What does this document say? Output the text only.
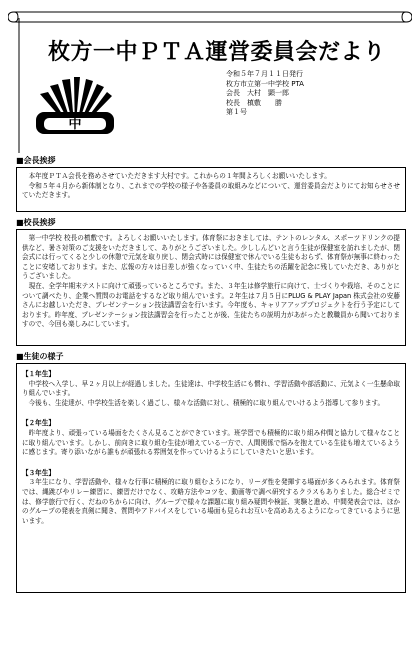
枚方一中ＰＴＡ運営委員会だより
中
令和５年７月１１日発行
枚方市立第一中学校 PTA
会長　大村　顕一郎
校長　槙敷　　勝
第１号
■会長挨拶

本年度ＰＴＡ会長を務めさせていただきます大村です。これからの１年間よろしくお願いいたします。

令和５年４月から新体制となり、これまでの学校の様子や各委員の取組みなどについて、運営委員会だよりにてお知らせさせていただきます。

■校長挨拶

第一中学校 校長の槙敷です。よろしくお願いいたします。体育祭におきましては、テントのレンタル、スポーツドリンクの提供など、暑さ対策のご支援をいただきまして、ありがとうございました。少ししんどいと言う生徒が保健室を訪れましたが、閉会式には行ってくると少しの休憩で元気を取り戻し、閉会式時には保健室で休んでいる生徒もおらず、体育祭が無事に終わったことに安堵しております。また、広報の方々は日差しが強くなっていく中、生徒たちの活躍を記念に残していただき、ありがとうございました。

現在、全学年期末テストに向けて頑張っているところです。また、３年生は修学旅行に向けて、士づくりや栽培、そのことについて調べたり、企業へ質問のお電話をするなど取り組んでいます。２年生は７月５日にPLUG & PLAY Japan 株式会社の安藤さんにお越しいただき、プレゼンテーション技法講習会を行います。今年度も、キャリアアッププロジェクトを行う予定にしております。昨年度、プレゼンテーション技法講習会を行ったことが後、生徒たちの説明力があがったと教職員から聞いておりますので、今回も楽しみにしています。

■生徒の様子
【１年生】

中学校へ入学し、早２ヶ月以上が経過しました。生徒達は、中学校生活にも慣れ、学習活動や部活動に、元気よく一生懸命取り組んでいます。

今後も、生徒達が、中学校生活を楽しく過ごし、様々な活動に対し、積極的に取り組んでいけるよう指導して参ります。

【２年生】

昨年度より、頑張っている場面をたくさん見ることができています。班学習でも積極的に取り組み仲間と協力して様々なことに取り組んでいます。しかし、前向きに取り組む生徒が増えている一方で、人間関係で悩みを抱えている生徒も増えているように感じます。寄り添いながら誰もが頑張れる雰囲気を作っていけるようにしていきたいと思います。

【３年生】

３年生になり、学習活動や、様々な行事に積極的に取り組むようになり、リーダ性を発揮する場面が多くみられます。体育祭では、縄跳びやリレー練習に、練習だけでなく、攻略方法やコツを、動画等で調べ研究するクラスもありました。総合ゼミでは、修学旅行で行く、だねのちからに向け、グループで様々な課題に取り組み疑問や検証、実験と進め、中間発表会では、ほかのグループの発表を真剣に聞き、質問やアドバイスをしている場面も見られお互いを高めあえるようになってきているように思います。
